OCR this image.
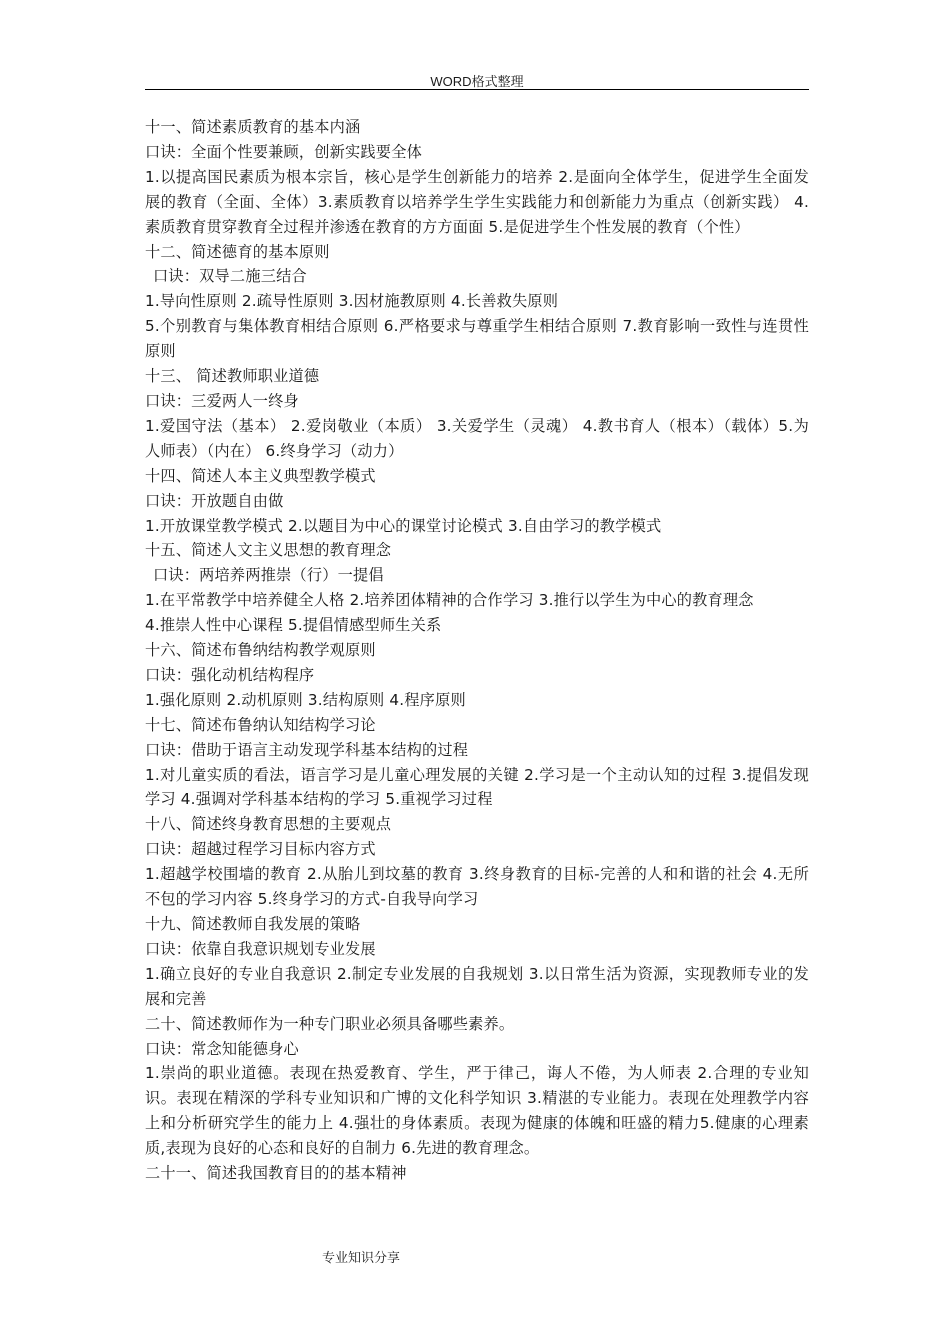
WORD格式整理

十一、简述素质教育的基本内涵

口诀：全面个性要兼顾，创新实践要全体

1.以提高国民素质为根本宗旨，核心是学生创新能力的培养 2.是面向全体学生，促进学生全面发展的教育（全面、全体）3.素质教育以培养学生学生实践能力和创新能力为重点（创新实践） 4.素质教育贯穿教育全过程并渗透在教育的方方面面 5.是促进学生个性发展的教育（个性）

十二、简述德育的基本原则

口诀：双导二施三结合

1.导向性原则 2.疏导性原则 3.因材施教原则 4.长善救失原则

5.个别教育与集体教育相结合原则 6.严格要求与尊重学生相结合原则 7.教育影响一致性与连贯性原则

十三、 简述教师职业道德

口诀：三爱两人一终身

1.爱国守法（基本） 2.爱岗敬业（本质） 3.关爱学生（灵魂） 4.教书育人（根本）（载体）5.为人师表）（内在） 6.终身学习（动力）

十四、简述人本主义典型教学模式

口诀：开放题自由做

1.开放课堂教学模式 2.以题目为中心的课堂讨论模式 3.自由学习的教学模式

十五、简述人文主义思想的教育理念

口诀：两培养两推崇（行）一提倡

1.在平常教学中培养健全人格 2.培养团体精神的合作学习 3.推行以学生为中心的教育理念

4.推崇人性中心课程 5.提倡情感型师生关系

十六、简述布鲁纳结构教学观原则

口诀：强化动机结构程序

1.强化原则 2.动机原则 3.结构原则 4.程序原则

十七、简述布鲁纳认知结构学习论

口诀：借助于语言主动发现学科基本结构的过程

1.对儿童实质的看法，语言学习是儿童心理发展的关键 2.学习是一个主动认知的过程 3.提倡发现学习 4.强调对学科基本结构的学习 5.重视学习过程

十八、简述终身教育思想的主要观点

口诀：超越过程学习目标内容方式

1.超越学校围墙的教育 2.从胎儿到坟墓的教育 3.终身教育的目标-完善的人和和谐的社会 4.无所不包的学习内容 5.终身学习的方式-自我导向学习

十九、简述教师自我发展的策略

口诀：依靠自我意识规划专业发展

1.确立良好的专业自我意识 2.制定专业发展的自我规划 3.以日常生活为资源，实现教师专业的发展和完善

二十、简述教师作为一种专门职业必须具备哪些素养。

口诀：常念知能德身心

1.崇尚的职业道德。表现在热爱教育、学生，严于律己，诲人不倦，为人师表 2.合理的专业知识。表现在精深的学科专业知识和广博的文化科学知识 3.精湛的专业能力。表现在处理教学内容上和分析研究学生的能力上 4.强壮的身体素质。表现为健康的体魄和旺盛的精力5.健康的心理素质,表现为良好的心态和良好的自制力 6.先进的教育理念。

二十一、简述我国教育目的的基本精神

专业知识分享
